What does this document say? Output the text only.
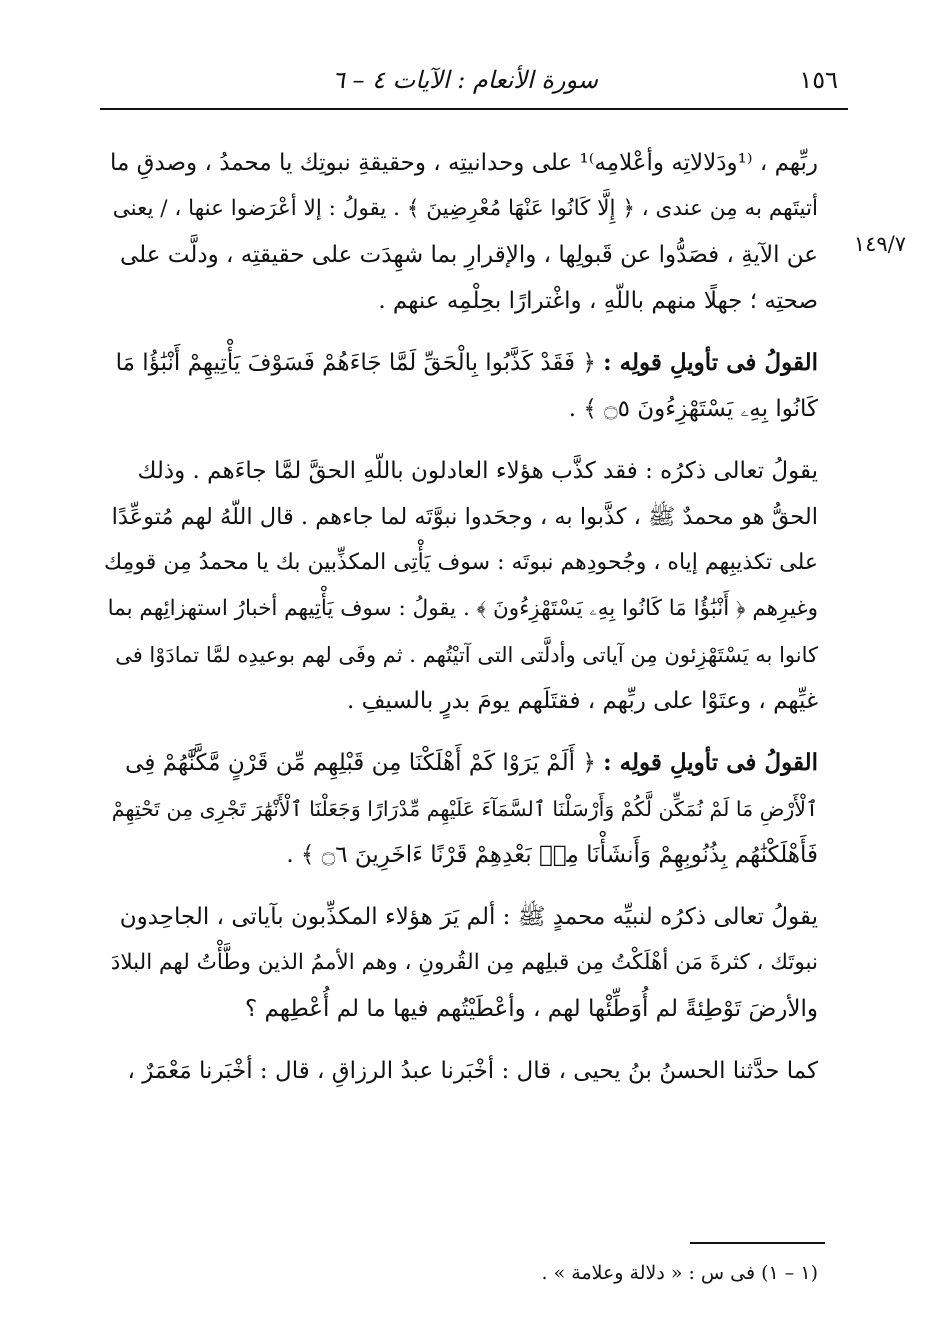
١٥٦
سورة الأنعام : الآيات ٤ – ٦
١٤٩/٧
ربِّهم ، ⁽¹ودَلالاتِه وأعْلامِه⁾¹ على وحدانيتِه ، وحقيقةِ نبوتِك يا محمدُ ، وصدقِ ما
أتيتَهم به مِن عندى ، ﴿ إِلَّا كَانُوا عَنْهَا مُعْرِضِينَ ﴾ . يقولُ : إلا أعْرَضوا عنها ، / يعنى
عن الآيةِ ، فصَدُّوا عن قَبولِها ، والإقرارِ بما شهِدَت على حقيقتِه ، ودلَّت على
صحتِه ؛ جهلًا منهم باللّهِ ، واغْترارًا بحِلْمِه عنهم .
القولُ فى تأويلِ قولِه : ﴿ فَقَدْ كَذَّبُوا بِالْحَقِّ لَمَّا جَاءَهُمْ فَسَوْفَ يَأْتِيهِمْ أَنْبَٰؤُا مَا
كَانُوا بِهِۦ يَسْتَهْزِءُونَ ۝٥ ﴾ .
يقولُ تعالى ذكرُه : فقد كذَّب هؤلاء العادلون باللّهِ الحقَّ لمَّا جاءَهم . وذلك
الحقُّ هو محمدٌ ﷺ ، كذَّبوا به ، وجحَدوا نبوَّتَه لما جاءهم . قال اللّهُ لهم مُتوعِّدًا
على تكذيبِهم إياه ، وجُحودِهم نبوتَه : سوف يَأْتِى المكذِّبين بك يا محمدُ مِن قومِك
وغيرِهم ﴿ أَنْبَٰؤُا مَا كَانُوا بِهِۦ يَسْتَهْزِءُونَ ﴾ . يقولُ : سوف يَأْتِيهم أخبارُ استهزائِهم بما
كانوا به يَسْتَهْزِئون مِن آياتى وأدلَّتى التى آتيْتُهم . ثم وفَى لهم بوعيدِه لمَّا تمادَوْا فى
غيِّهم ، وعتَوْا على ربِّهم ، فقتَلَهم يومَ بدرٍ بالسيفِ .
القولُ فى تأويلِ قولِه : ﴿ أَلَمْ يَرَوْا كَمْ أَهْلَكْنَا مِن قَبْلِهِم مِّن قَرْنٍ مَّكَّنَّٰهُمْ فِى
ٱلْأَرْضِ مَا لَمْ نُمَكِّن لَّكُمْ وَأَرْسَلْنَا ٱلسَّمَآءَ عَلَيْهِم مِّدْرَارًا وَجَعَلْنَا ٱلْأَنْهَٰرَ تَجْرِى مِن تَحْتِهِمْ
فَأَهْلَكْنَٰهُم بِذُنُوبِهِمْ وَأَنشَأْنَا مِنۢ بَعْدِهِمْ قَرْنًا ءَاخَرِينَ ۝٦ ﴾ .
يقولُ تعالى ذكرُه لنبيِّه محمدٍ ﷺ : ألم يَرَ هؤلاء المكذِّبون بآياتى ، الجاحِدون
نبوتَك ، كثرةَ مَن أهْلَكْتُ مِن قبلِهم مِن القُرونِ ، وهم الأممُ الذين وطَّأْتُ لهم البلادَ
والأرضَ تَوْطِئةً لم أُوَطِّئْها لهم ، وأعْطَيْتُهم فيها ما لم أُعْطِهم ؟
كما حدَّثنا الحسنُ بنُ يحيى ، قال : أخْبَرنا عبدُ الرزاقِ ، قال : أخْبَرنا مَعْمَرٌ ،
(١ – ١) فى س : « دلالة وعلامة » .
